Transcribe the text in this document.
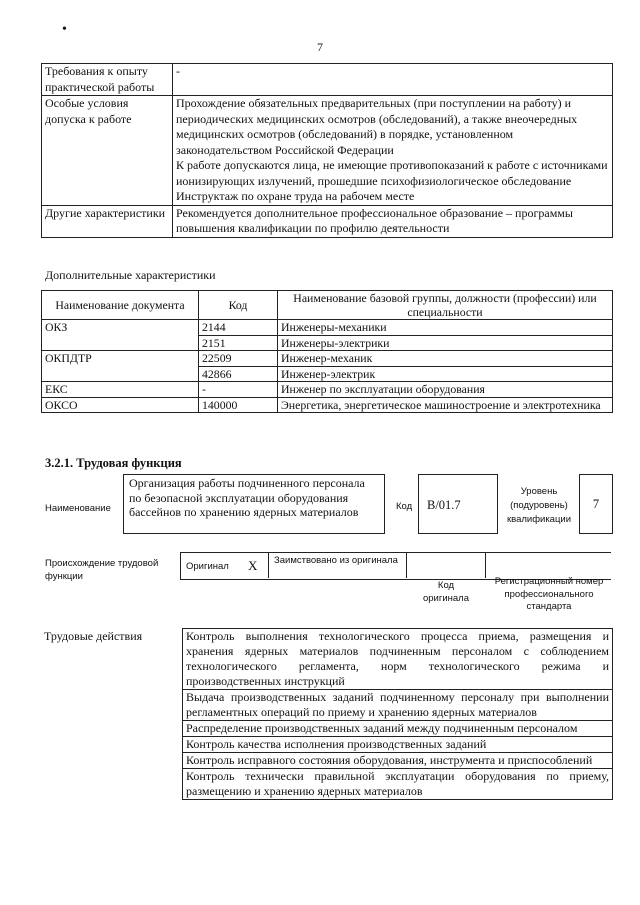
•
7
Требования к опыту практической работы	-
Особые условия допуска к работе	Прохождение обязательных предварительных (при поступлении на работу) и периодических медицинских осмотров (обследований), а также внеочередных медицинских осмотров (обследований) в порядке, установленном законодательством Российской Федерации
К работе допускаются лица, не имеющие противопоказаний к работе с источниками ионизирующих излучений, прошедшие психофизиологическое обследование
Инструктаж по охране труда на рабочем месте

Другие характеристики	Рекомендуется дополнительное профессиональное образование – программы повышения квалификации по профилю деятельности
Дополнительные характеристики
Наименование документа	Код	Наименование базовой группы, должности (профессии) или специальности
ОКЗ	2144	Инженеры-механики
	2151	Инженеры-электрики
ОКПДТР	22509	Инженер-механик
	42866	Инженер-электрик
ЕКС	-	Инженер по эксплуатации оборудования
ОКСО	140000	Энергетика, энергетическое машиностроение и электротехника
3.2.1. Трудовая функция
Наименование
Организация работы подчиненного персонала по безопасной эксплуатации оборудования бассейнов по хранению ядерных материалов	Код	B/01.7
Уровень (подуровень) квалификации
7
Происхождение трудовой функции
Оригинал X Заимствовано из оригинала
Код оригинала
Регистрационный номер профессионального стандарта
Трудовые действия	Контроль выполнения технологического процесса приема, размещения и хранения ядерных материалов подчиненным персоналом с соблюдением технологического регламента, норм технологического режима и производственных инструкций
Выдача производственных заданий подчиненному персоналу при выполнении регламентных операций по приему и хранению ядерных материалов
Распределение производственных заданий между подчиненным персоналом
Контроль качества исполнения производственных заданий
Контроль исправного состояния оборудования, инструмента и приспособлений
Контроль технически правильной эксплуатации оборудования по приему, размещению и хранению ядерных материалов
